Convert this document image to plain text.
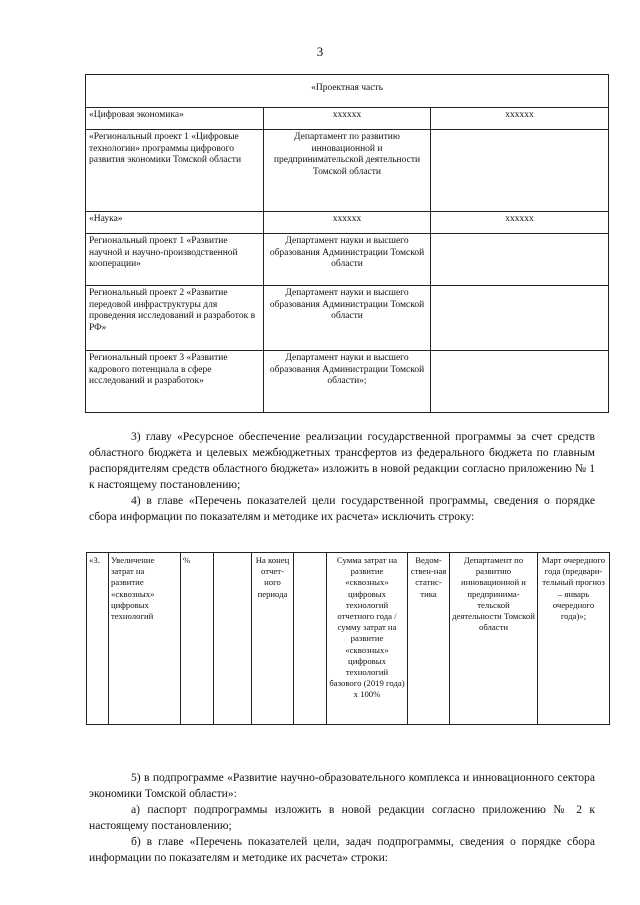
3
«Проектная часть		
«Цифровая экономика»	хххххх	хххххх
«Региональный проект 1 «Цифровые технологии» программы цифрового развития экономики Томской области	Департамент по развитию инновационной и предпринимательской деятельности Томской области	
«Наука»	хххххх	хххххх
Региональный проект 1 «Развитие научной и научно-производственной кооперации»	Департамент науки и высшего образования Администрации Томской области	
Региональный проект 2 «Развитие передовой инфраструктуры для проведения исследований и разработок в РФ»	Департамент науки и высшего образования Администрации Томской области	
Региональный проект 3 «Развитие кадрового потенциала в сфере исследований и разработок»	Департамент науки и высшего образования Администрации Томской области»;	
3) главу «Ресурсное обеспечение реализации государственной программы за счет средств областного бюджета и целевых межбюджетных трансфертов из федерального бюджета по главным распорядителям средств областного бюджета» изложить в новой редакции согласно приложению № 1 к настоящему постановлению;
4) в главе «Перечень показателей цели государственной программы, сведения о порядке сбора информации по показателям и методике их расчета» исключить строку:
«3.	Увеличение затрат на развитие «сквозных» цифровых технологий	%		На конец отчет-ного периода		Сумма затрат на развитие «сквозных» цифровых технологий отчетного года / сумму затрат на развитие «сквозных» цифровых технологий базового (2019 года) х 100%	Ведом-ствен-ная статис-тика	Департамент по развитию инновационной и предпринима-тельской деятельности Томской области	Март очередного года (предвари-тельный прогноз – январь очередного года)»;
5) в подпрограмме «Развитие научно-образовательного комплекса и инновационного сектора экономики Томской области»:
а) паспорт подпрограммы изложить в новой редакции согласно приложению № 2 к настоящему постановлению;
б) в главе «Перечень показателей цели, задач подпрограммы, сведения о порядке сбора информации по показателям и методике их расчета» строки:
